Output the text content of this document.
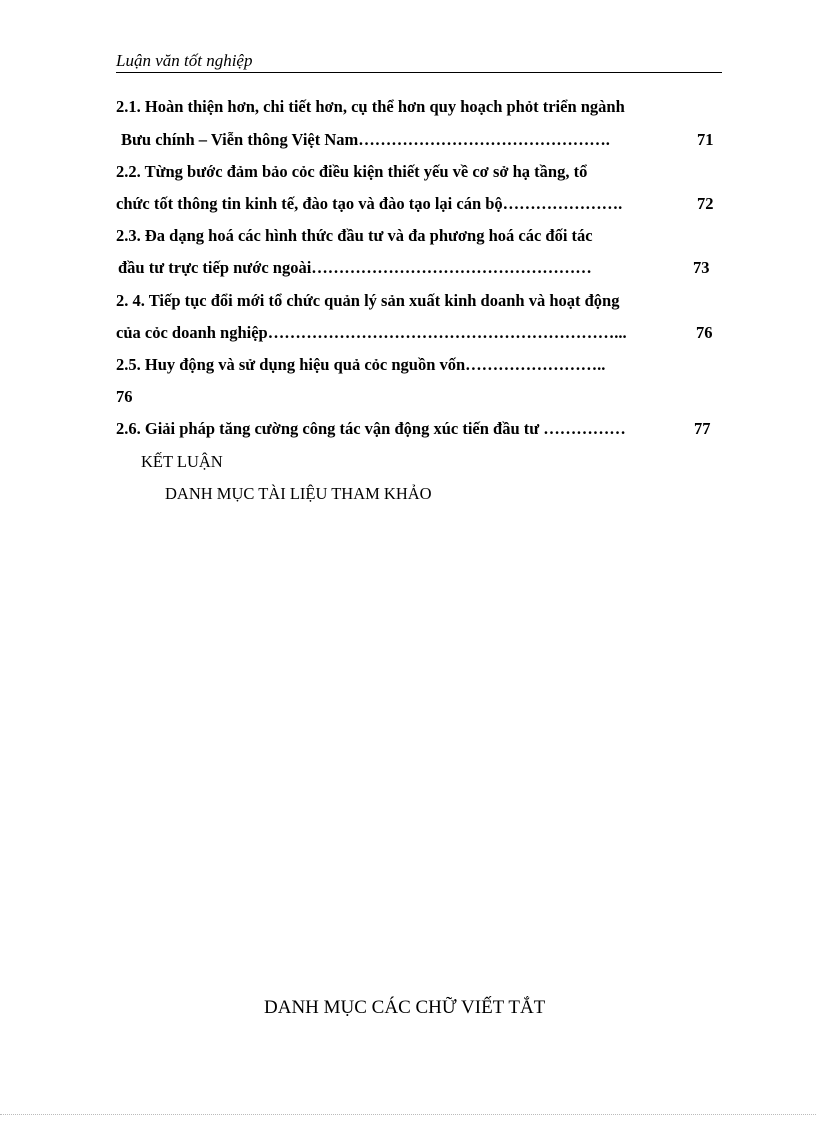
Luận văn tốt nghiệp
2.1. Hoàn thiện hơn, chi tiết hơn, cụ thể hơn quy hoạch phỏt triển ngành
Bưu chính – Viễn thông Việt Nam……………………………………….	71
2.2. Từng bước đảm bảo cỏc điều kiện thiết yếu về cơ sở hạ tầng, tổ
chức tốt thông tin kinh tế, đào tạo và đào tạo lại cán bộ………………….	72
2.3. Đa dạng hoá các hình thức đầu tư và đa phương hoá các đối tác
đầu tư trực tiếp nước ngoài……………………………………………	73
2. 4. Tiếp tục đổi mới tổ chức quản lý sản xuất kinh doanh và hoạt động
của cỏc doanh nghiệp………………………………………………………...	76
2.5. Huy động và sử dụng hiệu quả cỏc nguồn vốn……………………..
76
2.6. Giải pháp tăng cường công tác vận động xúc tiến đầu tư ……………	77
KẾT LUẬN
DANH MỤC TÀI LIỆU THAM KHẢO
DANH MỤC CÁC CHỮ VIẾT TẮT
